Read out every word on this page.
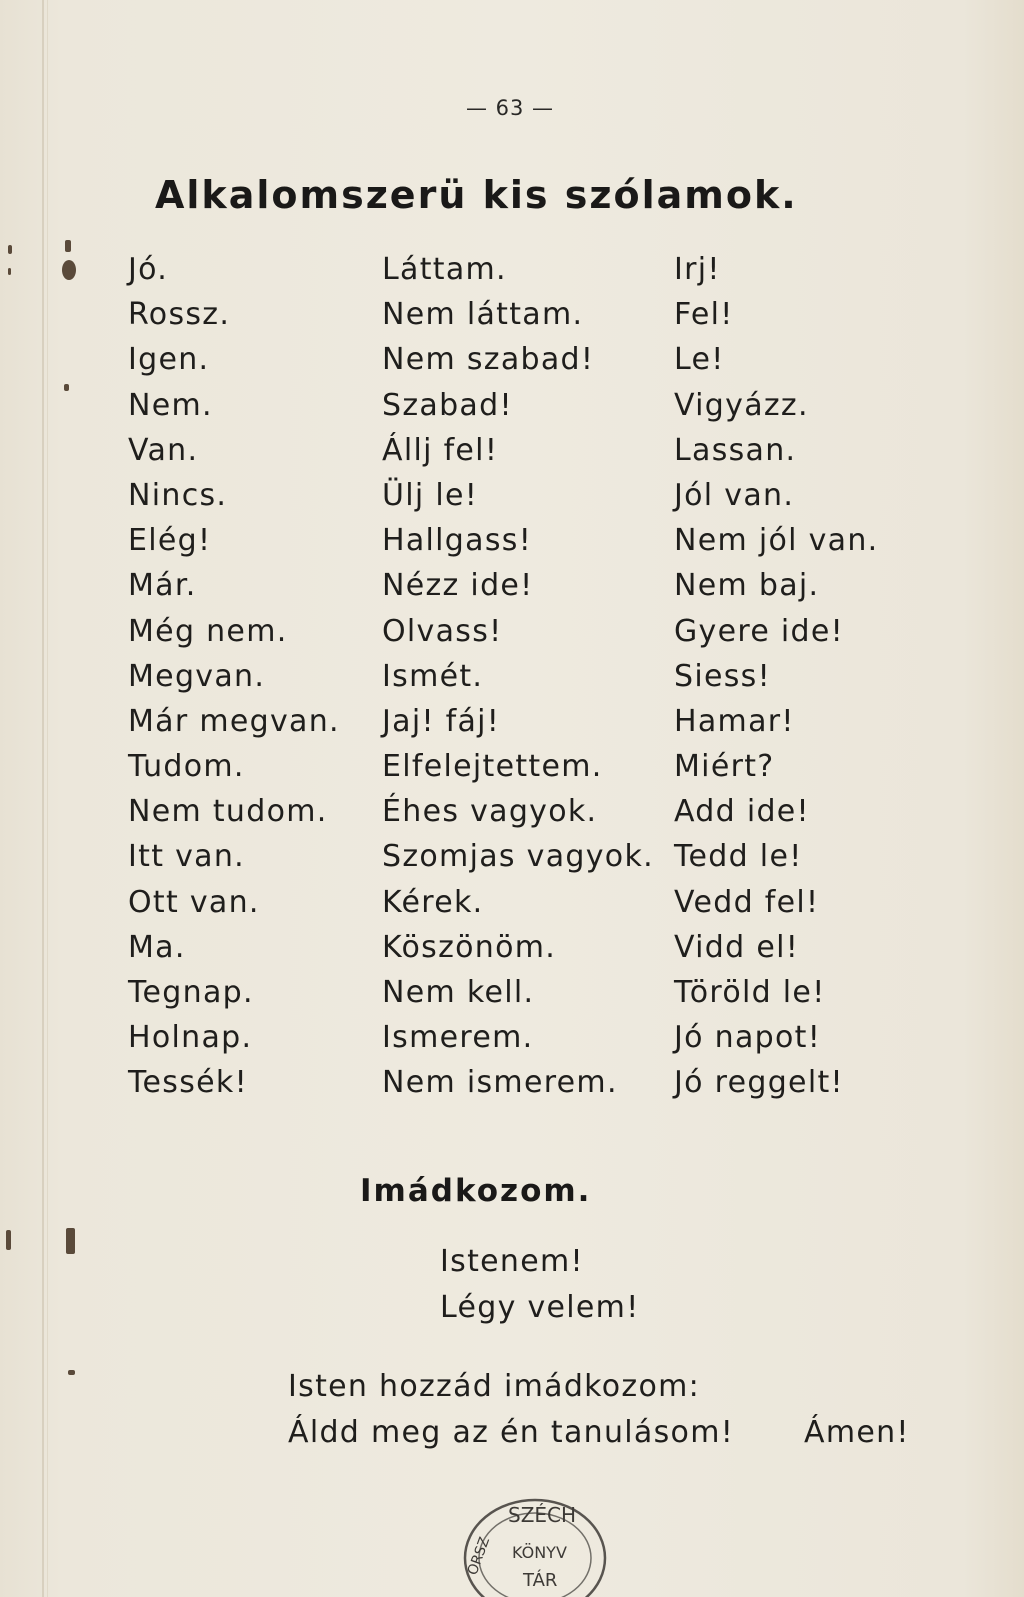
— 63 —
Alkalomszerü kis szólamok.
Jó.
Rossz.
Igen.
Nem.
Van.
Nincs.
Elég!
Már.
Még nem.
Megvan.
Már megvan.
Tudom.
Nem tudom.
Itt van.
Ott van.
Ma.
Tegnap.
Holnap.
Tessék!
Láttam.
Nem láttam.
Nem szabad!
Szabad!
Állj fel!
Ülj le!
Hallgass!
Nézz ide!
Olvass!
Ismét.
Jaj! fáj!
Elfelejtettem.
Éhes vagyok.
Szomjas vagyok.
Kérek.
Köszönöm.
Nem kell.
Ismerem.
Nem ismerem.
Irj!
Fel!
Le!
Vigyázz.
Lassan.
Jól van.
Nem jól van.
Nem baj.
Gyere ide!
Siess!
Hamar!
Miért?
Add ide!
Tedd le!
Vedd fel!
Vidd el!
Töröld le!
Jó napot!
Jó reggelt!
Imádkozom.
Istenem!
Légy velem!
Isten hozzád imádkozom:
Áldd meg az én tanulásom! Ámen!
SZÉCH
ORSZ KÖNYV
TÁR
